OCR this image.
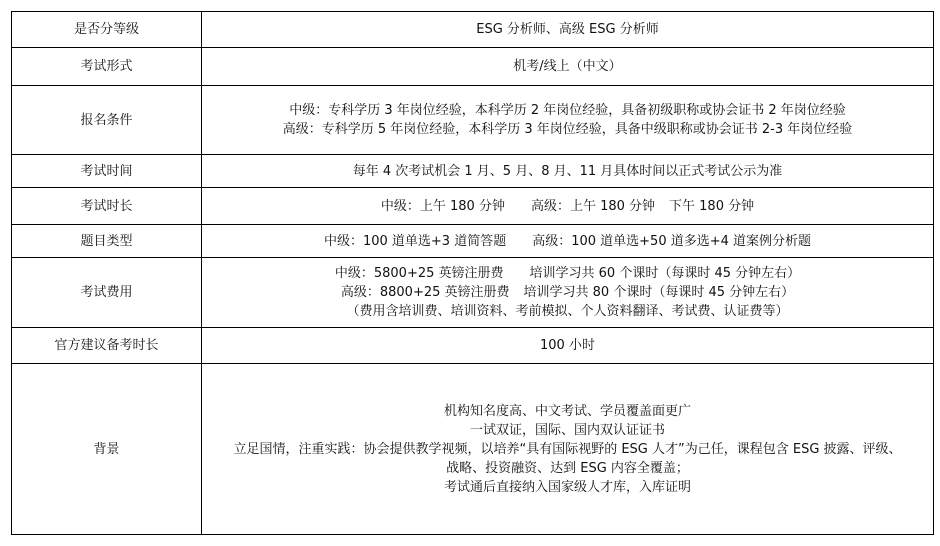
是否分等级	ESG 分析师、高级 ESG 分析师
考试形式	机考/线上（中文）
报名条件	中级：专科学历 3 年岗位经验，本科学历 2 年岗位经验，具备初级职称或协会证书 2 年岗位经验
高级：专科学历 5 年岗位经验，本科学历 3 年岗位经验，具备中级职称或协会证书 2-3 年岗位经验

考试时间	每年 4 次考试机会 1 月、5 月、8 月、11 月具体时间以正式考试公示为准
考试时长	中级：上午 180 分钟 高级：上午 180 分钟 下午 180 分钟
题目类型	中级：100 道单选+3 道简答题 高级：100 道单选+50 道多选+4 道案例分析题
考试费用	中级：5800+25 英镑注册费 培训学习共 60 个课时（每课时 45 分钟左右）
高级：8800+25 英镑注册费 培训学习共 80 个课时（每课时 45 分钟左右）
（费用含培训费、培训资料、考前模拟、个人资料翻译、考试费、认证费等）

官方建议备考时长	100 小时
背景	机构知名度高、中文考试、学员覆盖面更广
一试双证，国际、国内双认证证书
立足国情，注重实践：协会提供教学视频，以培养“具有国际视野的 ESG 人才”为己任，课程包含 ESG 披露、评级、
战略、投资融资、达到 ESG 内容全覆盖；
考试通后直接纳入国家级人才库，入库证明
